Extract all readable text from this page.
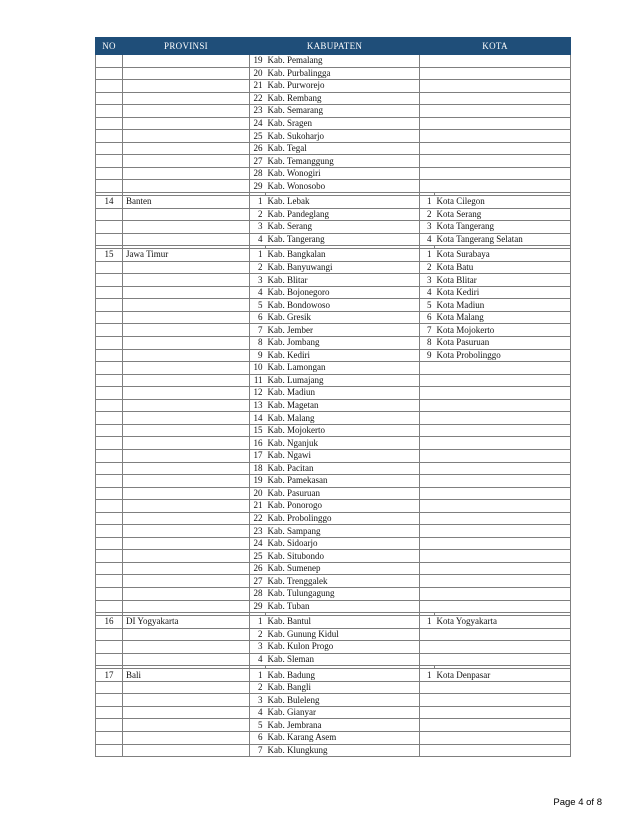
NO	PROVINSI	KABUPATEN		KOTA	
		19	Kab. Pemalang		
		20	Kab. Purbalingga		
		21	Kab. Purworejo		
		22	Kab. Rembang		
		23	Kab. Semarang		
		24	Kab. Sragen		
		25	Kab. Sukoharjo		
		26	Kab. Tegal		
		27	Kab. Temanggung		
		28	Kab. Wonogiri		
		29	Kab. Wonosobo		

14	Banten	1	Kab. Lebak	1	Kota Cilegon
		2	Kab. Pandeglang	2	Kota Serang
		3	Kab. Serang	3	Kota Tangerang
		4	Kab. Tangerang	4	Kota Tangerang Selatan

15	Jawa Timur	1	Kab. Bangkalan	1	Kota Surabaya
		2	Kab. Banyuwangi	2	Kota Batu
		3	Kab. Blitar	3	Kota Blitar
		4	Kab. Bojonegoro	4	Kota Kediri
		5	Kab. Bondowoso	5	Kota Madiun
		6	Kab. Gresik	6	Kota Malang
		7	Kab. Jember	7	Kota Mojokerto
		8	Kab. Jombang	8	Kota Pasuruan
		9	Kab. Kediri	9	Kota Probolinggo
		10	Kab. Lamongan		
		11	Kab. Lumajang		
		12	Kab. Madiun		
		13	Kab. Magetan		
		14	Kab. Malang		
		15	Kab. Mojokerto		
		16	Kab. Nganjuk		
		17	Kab. Ngawi		
		18	Kab. Pacitan		
		19	Kab. Pamekasan		
		20	Kab. Pasuruan		
		21	Kab. Ponorogo		
		22	Kab. Probolinggo		
		23	Kab. Sampang		
		24	Kab. Sidoarjo		
		25	Kab. Situbondo		
		26	Kab. Sumenep		
		27	Kab. Trenggalek		
		28	Kab. Tulungagung		
		29	Kab. Tuban		

16	DI Yogyakarta	1	Kab. Bantul	1	Kota Yogyakarta
		2	Kab. Gunung Kidul		
		3	Kab. Kulon Progo		
		4	Kab. Sleman		

17	Bali	1	Kab. Badung	1	Kota Denpasar
		2	Kab. Bangli		
		3	Kab. Buleleng		
		4	Kab. Gianyar		
		5	Kab. Jembrana		
		6	Kab. Karang Asem		
		7	Kab. Klungkung		
Page 4 of 8
